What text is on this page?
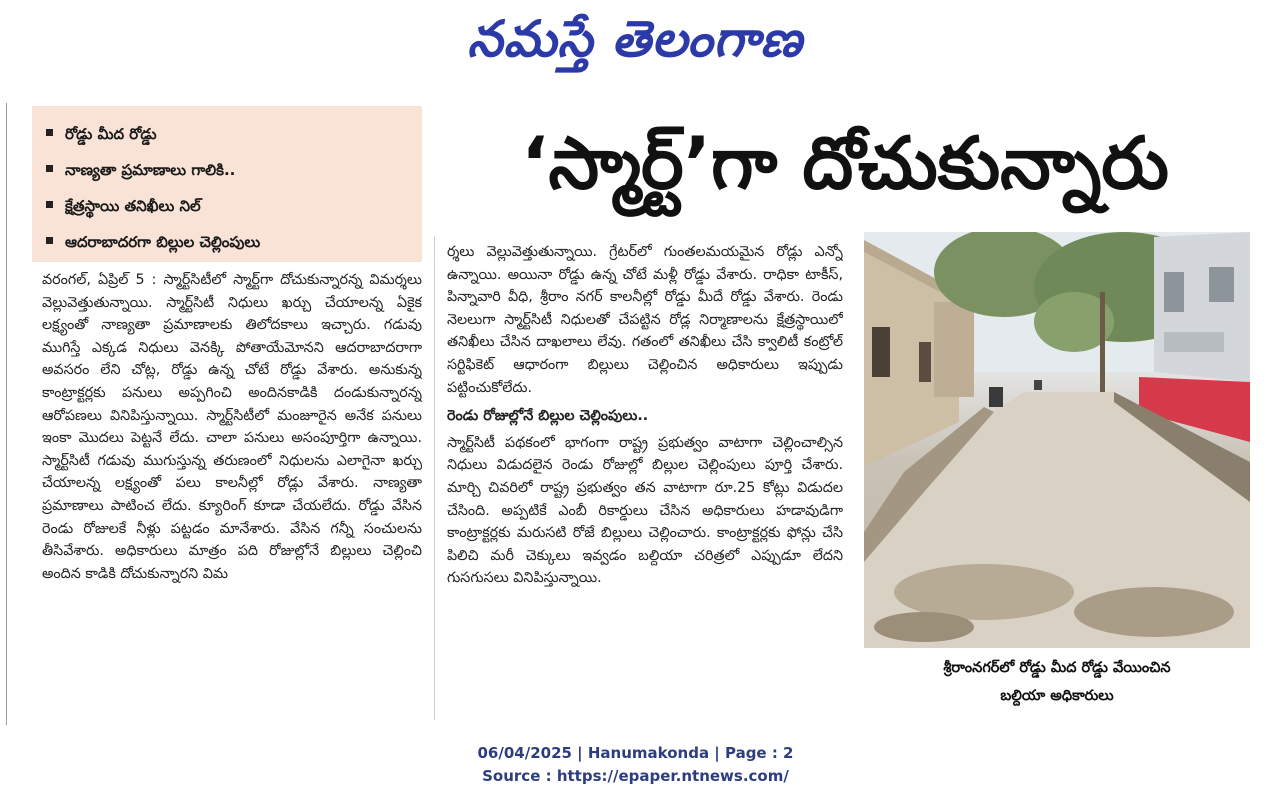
నమస్తే తెలంగాణ
రోడ్డు మీద రోడ్డు
నాణ్యతా ప్రమాణాలు గాలికి..
క్షేత్రస్థాయి తనిఖీలు నిల్
ఆదరాబాదరగా బిల్లుల చెల్లింపులు
‘స్మార్ట్’గా దోచుకున్నారు

వరంగల్, ఏప్రిల్ 5 : స్మార్ట్‌సిటీలో స్మార్ట్‌గా దోచుకున్నారన్న విమర్శలు వెల్లువెత్తుతున్నాయి. స్మార్ట్‌సిటీ నిధులు ఖర్చు చేయాలన్న ఏకైక లక్ష్యంతో నాణ్యతా ప్రమాణాలకు తిలోదకాలు ఇచ్చారు. గడువు ముగిస్తే ఎక్కడ నిధులు వెనక్కి పోతాయేమోనని ఆదరాబాదరాగా అవసరం లేని చోట్ల, రోడ్డు ఉన్న చోటే రోడ్డు వేశారు. అనుకున్న కాంట్రాక్టర్లకు పనులు అప్పగించి అందినకాడికి దండుకున్నారన్న ఆరోపణలు వినిపిస్తున్నాయి. స్మార్ట్‌సిటీలో మంజూరైన అనేక పనులు ఇంకా మొదలు పెట్టనే లేదు. చాలా పనులు అసంపూర్తిగా ఉన్నాయి. స్మార్ట్‌సిటీ గడువు ముగుస్తున్న తరుణంలో నిధులను ఎలాగైనా ఖర్చు చేయాలన్న లక్ష్యంతో పలు కాలనీల్లో రోడ్లు వేశారు. నాణ్యతా ప్రమాణాలు పాటించ లేదు. క్యూరింగ్ కూడా చేయలేదు. రోడ్డు వేసిన రెండు రోజులకే నీళ్లు పట్టడం మానేశారు. వేసిన గన్నీ సంచులను తీసివేశారు. అధికారులు మాత్రం పది రోజుల్లోనే బిల్లులు చెల్లించి అందిన కాడికి దోచుకున్నారని విమ

ర్శలు వెల్లువెత్తుతున్నాయి. గ్రేటర్‌లో గుంతలమయమైన రోడ్లు ఎన్నో ఉన్నాయి. అయినా రోడ్డు ఉన్న చోటే మళ్లీ రోడ్డు వేశారు. రాధికా టాకీస్, పిన్నావారి వీధి, శ్రీరాం నగర్ కాలనీల్లో రోడ్డు మీదే రోడ్డు వేశారు. రెండు నెలలుగా స్మార్ట్‌సిటీ నిధులతో చేపట్టిన రోడ్ల నిర్మాణాలను క్షేత్రస్థాయిలో తనిఖీలు చేసిన దాఖలాలు లేవు. గతంలో తనిఖీలు చేసి క్వాలిటీ కంట్రోల్ సర్టిఫికెట్ ఆధారంగా బిల్లులు చెల్లించిన అధికారులు ఇప్పుడు పట్టించుకోలేదు.

రెండు రోజుల్లోనే బిల్లుల చెల్లింపులు..

స్మార్ట్‌సిటీ పథకంలో భాగంగా రాష్ట్ర ప్రభుత్వం వాటాగా చెల్లించాల్సిన నిధులు విడుదలైన రెండు రోజుల్లో బిల్లుల చెల్లింపులు పూర్తి చేశారు. మార్చి చివరిలో రాష్ట్ర ప్రభుత్వం తన వాటాగా రూ.25 కోట్లు విడుదల చేసింది. అప్పటికే ఎంబీ రికార్డులు చేసిన అధికారులు హడావుడిగా కాంట్రాక్టర్లకు మరుసటి రోజే బిల్లులు చెల్లించారు. కాంట్రాక్టర్లకు ఫోన్లు చేసి పిలిచి మరీ చెక్కులు ఇవ్వడం బల్దియా చరిత్రలో ఎప్పుడూ లేదని గుసగుసలు వినిపిస్తున్నాయి.

శ్రీరాంనగర్‌లో రోడ్డు మీద రోడ్డు వేయించిన
బల్దియా అధికారులు
06/04/2025 | Hanumakonda | Page : 2
Source : https://epaper.ntnews.com/
